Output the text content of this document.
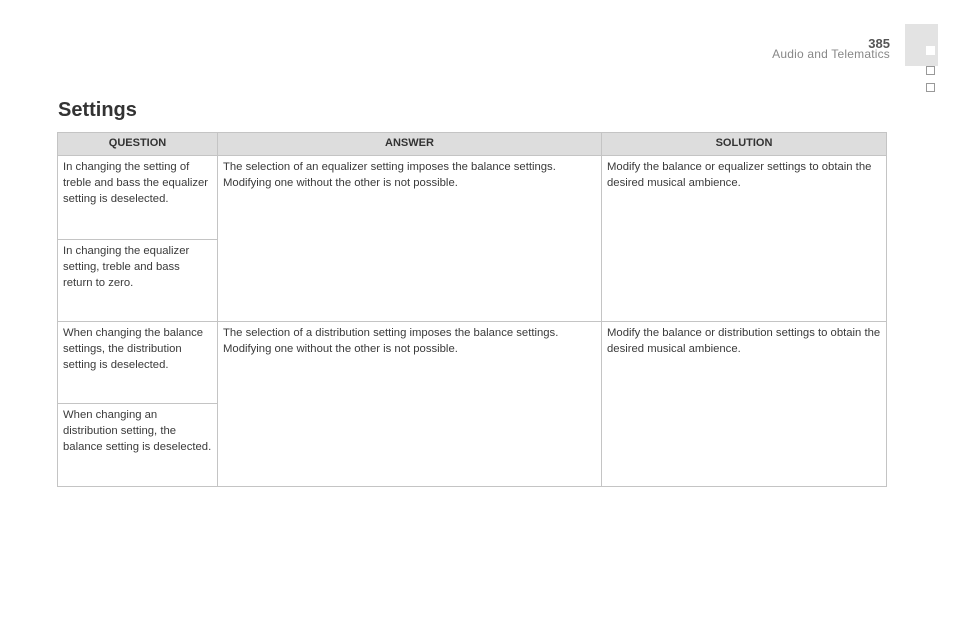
385
Audio and Telematics
Settings
QUESTION	ANSWER	SOLUTION
In changing the setting of treble and bass the equalizer setting is deselected.	The selection of an equalizer setting imposes the balance settings. Modifying one without the other is not possible.	Modify the balance or equalizer settings to obtain the desired musical ambience.
In changing the equalizer setting, treble and bass return to zero.		
When changing the balance settings, the distribution setting is deselected.	The selection of a distribution setting imposes the balance settings. Modifying one without the other is not possible.	Modify the balance or distribution settings to obtain the desired musical ambience.
When changing an distribution setting, the balance setting is deselected.		
